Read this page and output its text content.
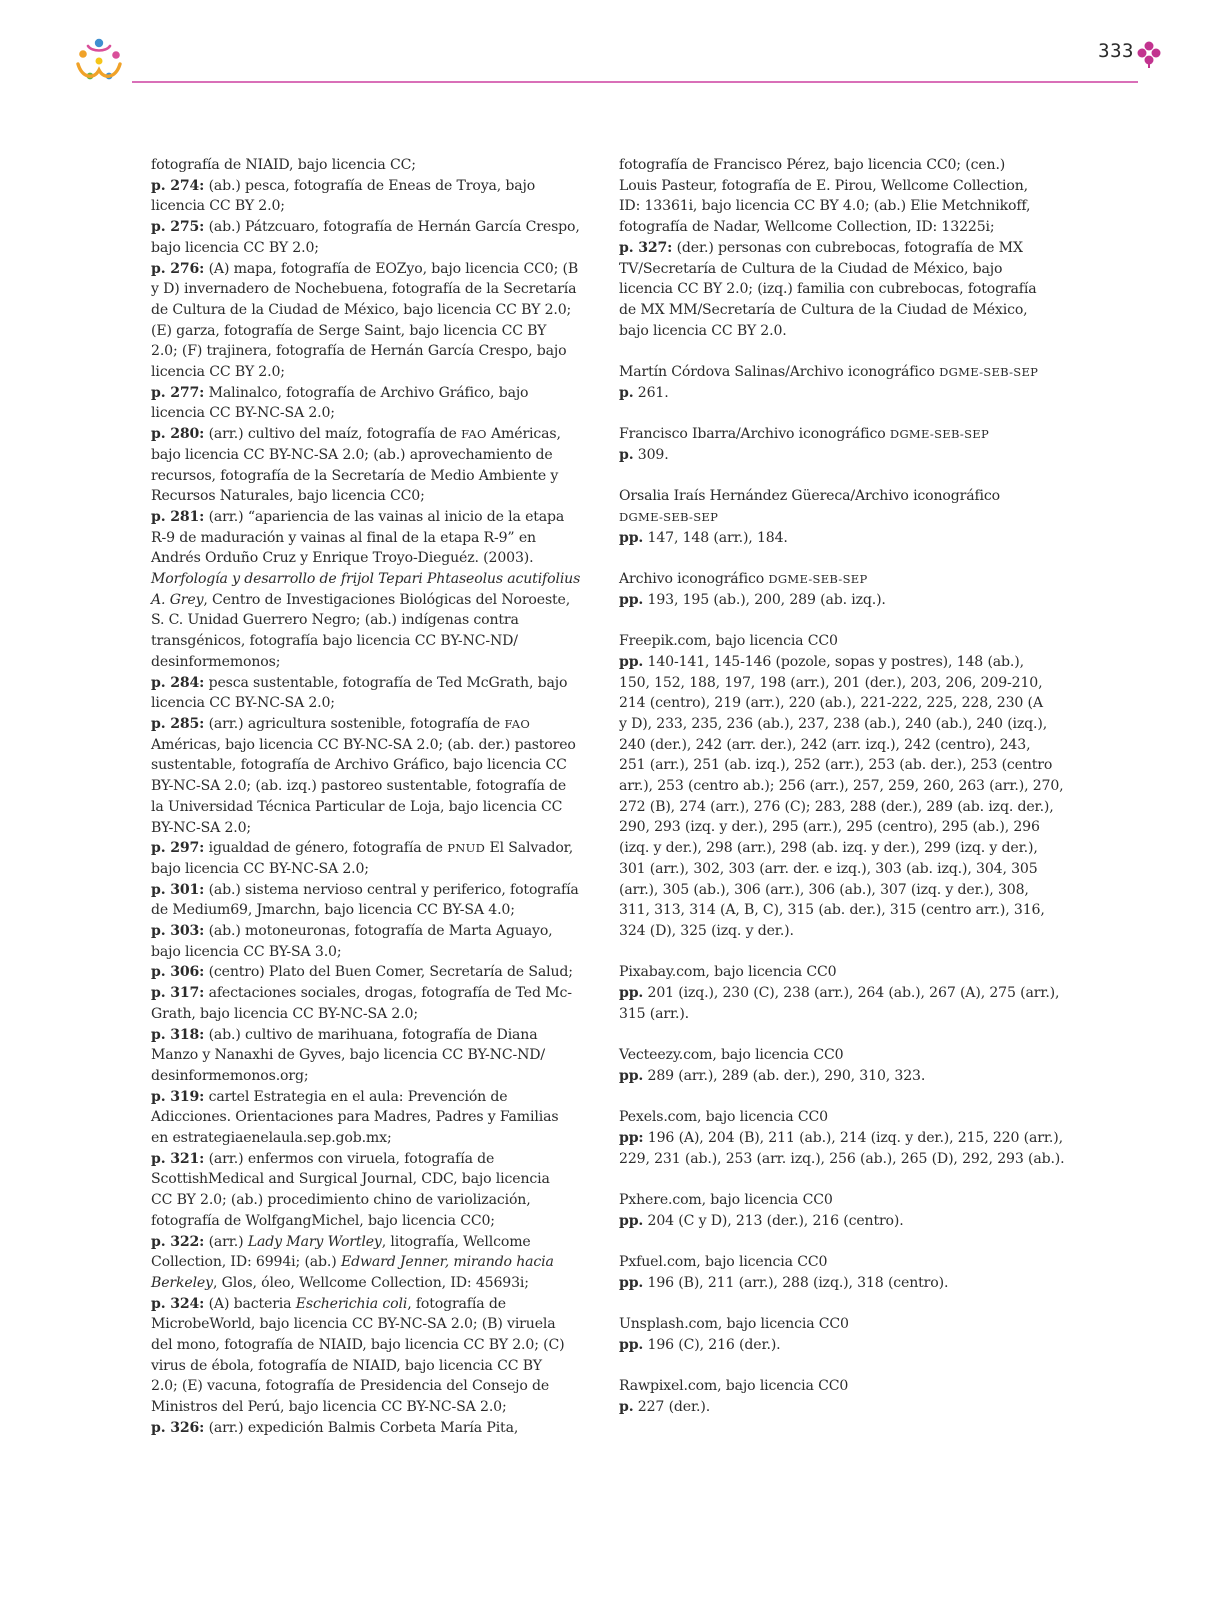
333
fotografía de NIAID, bajo licencia CC;
p. 274: (ab.) pesca, fotografía de Eneas de Troya, bajo
licencia CC BY 2.0;
p. 275: (ab.) Pátzcuaro, fotografía de Hernán García Crespo,
bajo licencia CC BY 2.0;
p. 276: (A) mapa, fotografía de EOZyo, bajo licencia CC0; (B
y D) invernadero de Nochebuena, fotografía de la Secretaría
de Cultura de la Ciudad de México, bajo licencia CC BY 2.0;
(E) garza, fotografía de Serge Saint, bajo licencia CC BY
2.0; (F) trajinera, fotografía de Hernán García Crespo, bajo
licencia CC BY 2.0;
p. 277: Malinalco, fotografía de Archivo Gráfico, bajo
licencia CC BY-NC-SA 2.0;
p. 280: (arr.) cultivo del maíz, fotografía de FAO Américas,
bajo licencia CC BY-NC-SA 2.0; (ab.) aprovechamiento de
recursos, fotografía de la Secretaría de Medio Ambiente y
Recursos Naturales, bajo licencia CC0;
p. 281: (arr.) “apariencia de las vainas al inicio de la etapa
R-9 de maduración y vainas al final de la etapa R-9” en
Andrés Orduño Cruz y Enrique Troyo-Dieguéz. (2003).
Morfología y desarrollo de frijol Tepari Phtaseolus acutifolius
A. Grey, Centro de Investigaciones Biológicas del Noroeste,
S. C. Unidad Guerrero Negro; (ab.) indígenas contra
transgénicos, fotografía bajo licencia CC BY-NC-ND/
desinformemonos;
p. 284: pesca sustentable, fotografía de Ted McGrath, bajo
licencia CC BY-NC-SA 2.0;
p. 285: (arr.) agricultura sostenible, fotografía de FAO
Américas, bajo licencia CC BY-NC-SA 2.0; (ab. der.) pastoreo
sustentable, fotografía de Archivo Gráfico, bajo licencia CC
BY-NC-SA 2.0; (ab. izq.) pastoreo sustentable, fotografía de
la Universidad Técnica Particular de Loja, bajo licencia CC
BY-NC-SA 2.0;
p. 297: igualdad de género, fotografía de PNUD El Salvador,
bajo licencia CC BY-NC-SA 2.0;
p. 301: (ab.) sistema nervioso central y periferico, fotografía
de Medium69, Jmarchn, bajo licencia CC BY-SA 4.0;
p. 303: (ab.) motoneuronas, fotografía de Marta Aguayo,
bajo licencia CC BY-SA 3.0;
p. 306: (centro) Plato del Buen Comer, Secretaría de Salud;
p. 317: afectaciones sociales, drogas, fotografía de Ted Mc-
Grath, bajo licencia CC BY-NC-SA 2.0;
p. 318: (ab.) cultivo de marihuana, fotografía de Diana
Manzo y Nanaxhi de Gyves, bajo licencia CC BY-NC-ND/
desinformemonos.org;
p. 319: cartel Estrategia en el aula: Prevención de
Adicciones. Orientaciones para Madres, Padres y Familias
en estrategiaenelaula.sep.gob.mx;
p. 321: (arr.) enfermos con viruela, fotografía de
ScottishMedical and Surgical Journal, CDC, bajo licencia
CC BY 2.0; (ab.) procedimiento chino de variolización,
fotografía de WolfgangMichel, bajo licencia CC0;
p. 322: (arr.) Lady Mary Wortley, litografía, Wellcome
Collection, ID: 6994i; (ab.) Edward Jenner, mirando hacia
Berkeley, Glos, óleo, Wellcome Collection, ID: 45693i;
p. 324: (A) bacteria Escherichia coli, fotografía de
MicrobeWorld, bajo licencia CC BY-NC-SA 2.0; (B) viruela
del mono, fotografía de NIAID, bajo licencia CC BY 2.0; (C)
virus de ébola, fotografía de NIAID, bajo licencia CC BY
2.0; (E) vacuna, fotografía de Presidencia del Consejo de
Ministros del Perú, bajo licencia CC BY-NC-SA 2.0;
p. 326: (arr.) expedición Balmis Corbeta María Pita,
fotografía de Francisco Pérez, bajo licencia CC0; (cen.)
Louis Pasteur, fotografía de E. Pirou, Wellcome Collection,
ID: 13361i, bajo licencia CC BY 4.0; (ab.) Elie Metchnikoff,
fotografía de Nadar, Wellcome Collection, ID: 13225i;
p. 327: (der.) personas con cubrebocas, fotografía de MX
TV/Secretaría de Cultura de la Ciudad de México, bajo
licencia CC BY 2.0; (izq.) familia con cubrebocas, fotografía
de MX MM/Secretaría de Cultura de la Ciudad de México,
bajo licencia CC BY 2.0.
Martín Córdova Salinas/Archivo iconográfico DGME-SEB-SEP
p. 261.
Francisco Ibarra/Archivo iconográfico DGME-SEB-SEP
p. 309.
Orsalia Iraís Hernández Güereca/Archivo iconográfico
DGME-SEB-SEP
pp. 147, 148 (arr.), 184.
Archivo iconográfico DGME-SEB-SEP
pp. 193, 195 (ab.), 200, 289 (ab. izq.).
Freepik.com, bajo licencia CC0
pp. 140-141, 145-146 (pozole, sopas y postres), 148 (ab.),
150, 152, 188, 197, 198 (arr.), 201 (der.), 203, 206, 209-210,
214 (centro), 219 (arr.), 220 (ab.), 221-222, 225, 228, 230 (A
y D), 233, 235, 236 (ab.), 237, 238 (ab.), 240 (ab.), 240 (izq.),
240 (der.), 242 (arr. der.), 242 (arr. izq.), 242 (centro), 243,
251 (arr.), 251 (ab. izq.), 252 (arr.), 253 (ab. der.), 253 (centro
arr.), 253 (centro ab.); 256 (arr.), 257, 259, 260, 263 (arr.), 270,
272 (B), 274 (arr.), 276 (C); 283, 288 (der.), 289 (ab. izq. der.),
290, 293 (izq. y der.), 295 (arr.), 295 (centro), 295 (ab.), 296
(izq. y der.), 298 (arr.), 298 (ab. izq. y der.), 299 (izq. y der.),
301 (arr.), 302, 303 (arr. der. e izq.), 303 (ab. izq.), 304, 305
(arr.), 305 (ab.), 306 (arr.), 306 (ab.), 307 (izq. y der.), 308,
311, 313, 314 (A, B, C), 315 (ab. der.), 315 (centro arr.), 316,
324 (D), 325 (izq. y der.).
Pixabay.com, bajo licencia CC0
pp. 201 (izq.), 230 (C), 238 (arr.), 264 (ab.), 267 (A), 275 (arr.),
315 (arr.).
Vecteezy.com, bajo licencia CC0
pp. 289 (arr.), 289 (ab. der.), 290, 310, 323.
Pexels.com, bajo licencia CC0
pp: 196 (A), 204 (B), 211 (ab.), 214 (izq. y der.), 215, 220 (arr.),
229, 231 (ab.), 253 (arr. izq.), 256 (ab.), 265 (D), 292, 293 (ab.).
Pxhere.com, bajo licencia CC0
pp. 204 (C y D), 213 (der.), 216 (centro).
Pxfuel.com, bajo licencia CC0
pp. 196 (B), 211 (arr.), 288 (izq.), 318 (centro).
Unsplash.com, bajo licencia CC0
pp. 196 (C), 216 (der.).
Rawpixel.com, bajo licencia CC0
p. 227 (der.).
